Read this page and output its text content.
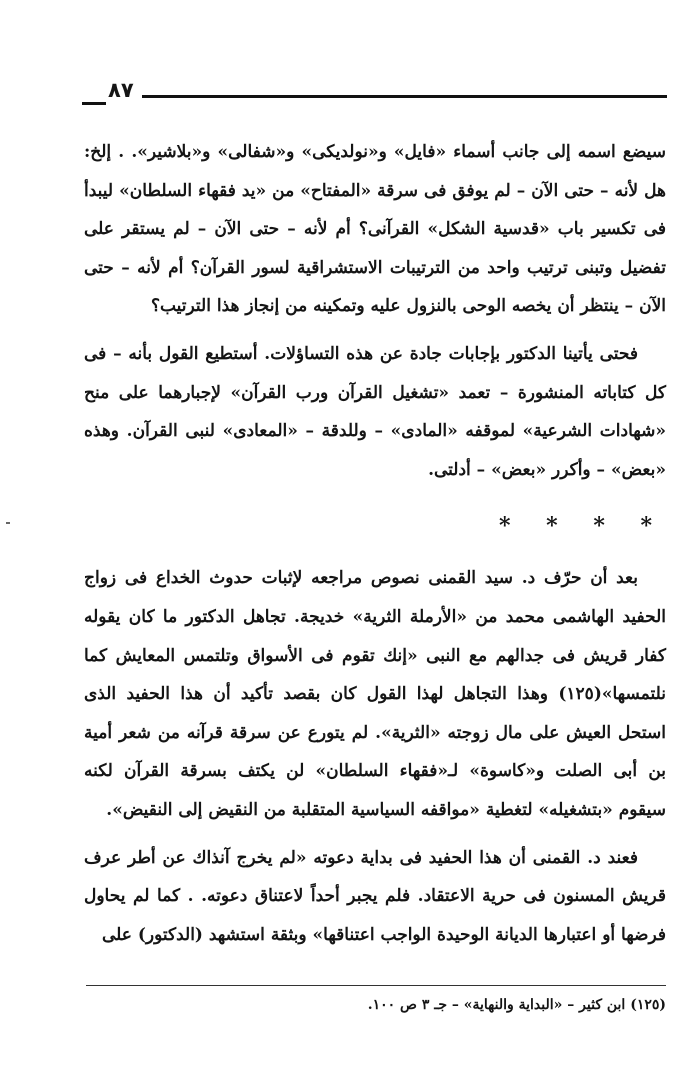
٨٧

سيضع اسمه إلى جانب أسماء «فايل» و«نولديكى» و«شفالى» و«بلاشير». . إلخ: هل لأنه – حتى الآن – لم يوفق فى سرقة «المفتاح» من «يد فقهاء السلطان» ليبدأ فى تكسير باب «قدسية الشكل» القرآنى؟ أم لأنه – حتى الآن – لم يستقر على تفضيل وتبنى ترتيب واحد من الترتيبات الاستشراقية لسور القرآن؟ أم لأنه – حتى الآن – ينتظر أن يخصه الوحى بالنزول عليه وتمكينه من إنجاز هذا الترتيب؟

فحتى يأتينا الدكتور بإجابات جادة عن هذه التساؤلات. أستطيع القول بأنه – فى كل كتاباته المنشورة – تعمد «تشغيل القرآن ورب القرآن» لإجبارهما على منح «شهادات الشرعية» لموقفه «المادى» – وللدقة – «المعادى» لنبى القرآن. وهذه «بعض» – وأكرر «بعض» – أدلتى.

* * * *

بعد أن حرّف د. سيد القمنى نصوص مراجعه لإثبات حدوث الخداع فى زواج الحفيد الهاشمى محمد من «الأرملة الثرية» خديجة. تجاهل الدكتور ما كان يقوله كفار قريش فى جدالهم مع النبى «إنك تقوم فى الأسواق وتلتمس المعايش كما نلتمسها»(١٢٥) وهذا التجاهل لهذا القول كان بقصد تأكيد أن هذا الحفيد الذى استحل العيش على مال زوجته «الثرية». لم يتورع عن سرقة قرآنه من شعر أمية بن أبى الصلت و«كاسوة» لـ«فقهاء السلطان» لن يكتف بسرقة القرآن لكنه سيقوم «بتشغيله» لتغطية «مواقفه السياسية المتقلبة من النقيض إلى النقيض».

فعند د. القمنى أن هذا الحفيد فى بداية دعوته «لم يخرج آنذاك عن أطر عرف قريش المسنون فى حرية الاعتقاد. فلم يجبر أحداً لاعتناق دعوته. . كما لم يحاول فرضها أو اعتبارها الديانة الوحيدة الواجب اعتناقها» وبثقة استشهد (الدكتور) على

(١٢٥) ابن كثير – «البداية والنهاية» – جـ ٣ ص ١٠٠.
